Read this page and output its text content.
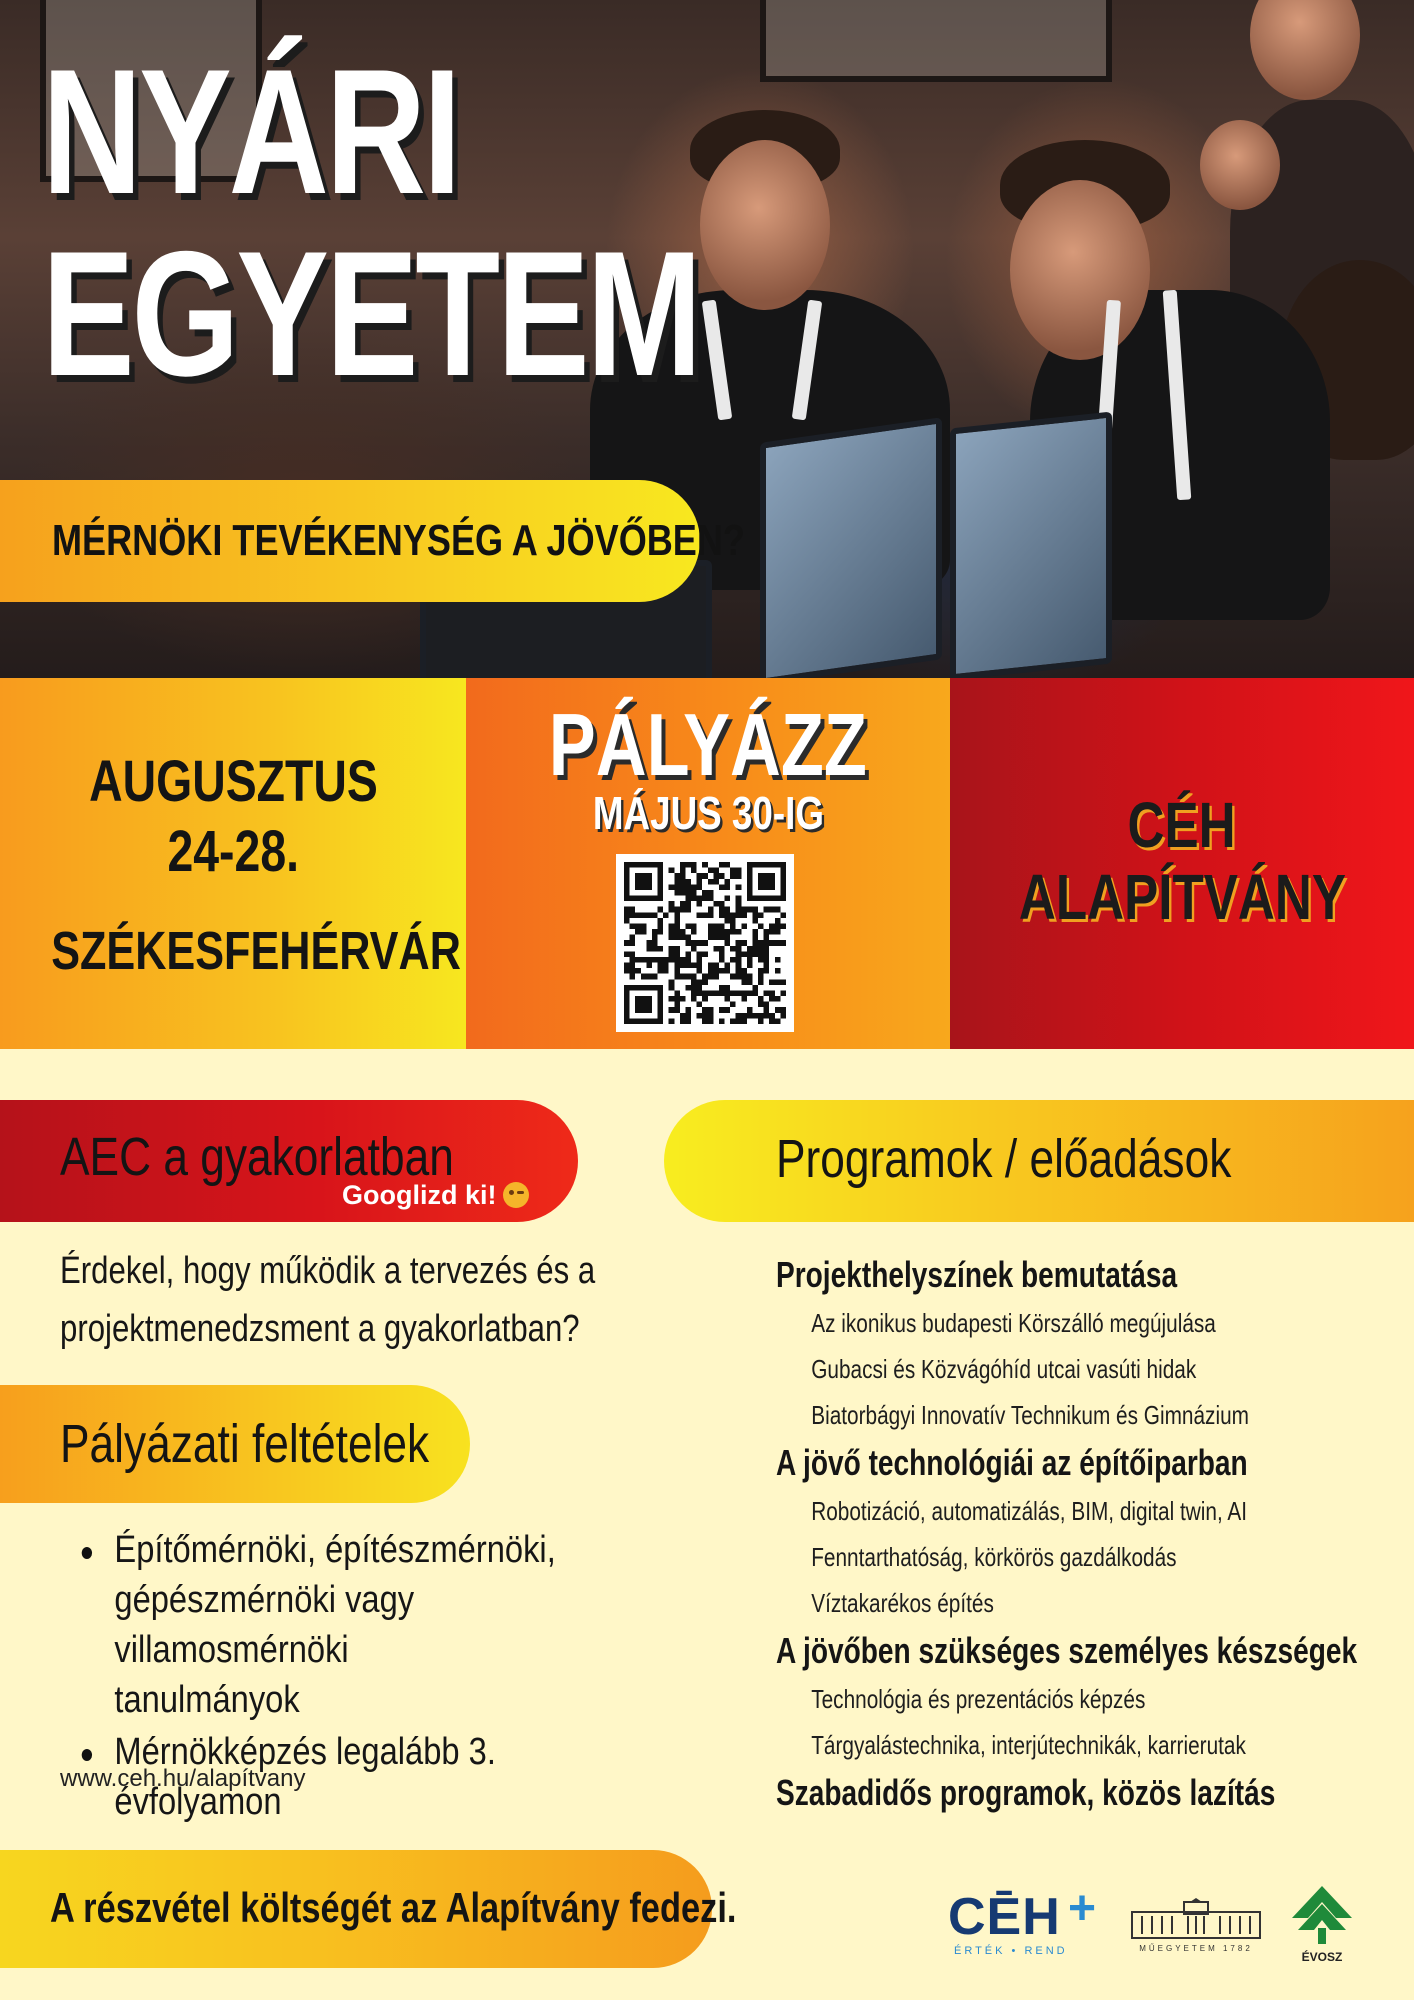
NYÁRI
EGYETEM
MÉRNÖKI TEVÉKENYSÉG A JÖVŐBEN?
AUGUSZTUS
24-28.
SZÉKESFEHÉRVÁR
PÁLYÁZZ
MÁJUS 30-IG	CÉH
ALAPÍTVÁNY
AEC a gyakorlatban
Googlizd ki!
Érdekel, hogy működik a tervezés és a
projektmenedzsment a gyakorlatban?
Pályázati feltételek
Építőmérnöki, építészmérnöki,
gépészmérnöki vagy villamosmérnöki
tanulmányok
Mérnökképzés legalább 3. évfolyamon
www.ceh.hu/alapítvany
A részvétel költségét az Alapítvány fedezi.
Programok / előadások
Projekthelyszínek bemutatása
Az ikonikus budapesti Körszálló megújulása
Gubacsi és Közvágóhíd utcai vasúti hidak
Biatorbágyi Innovatív Technikum és Gimnázium
A jövő technológiái az építőiparban
Robotizáció, automatizálás, BIM, digital twin, AI
Fenntarthatóság, körkörös gazdálkodás
Víztakarékos építés
A jövőben szükséges személyes készségek
Technológia és prezentációs képzés
Tárgyalástechnika, interjútechnikák, karrierutak
Szabadidős programok, közös lazítás
CĒH +
ÉRTÉK • REND	MŰEGYETEM 1782
ÉVOSZ
